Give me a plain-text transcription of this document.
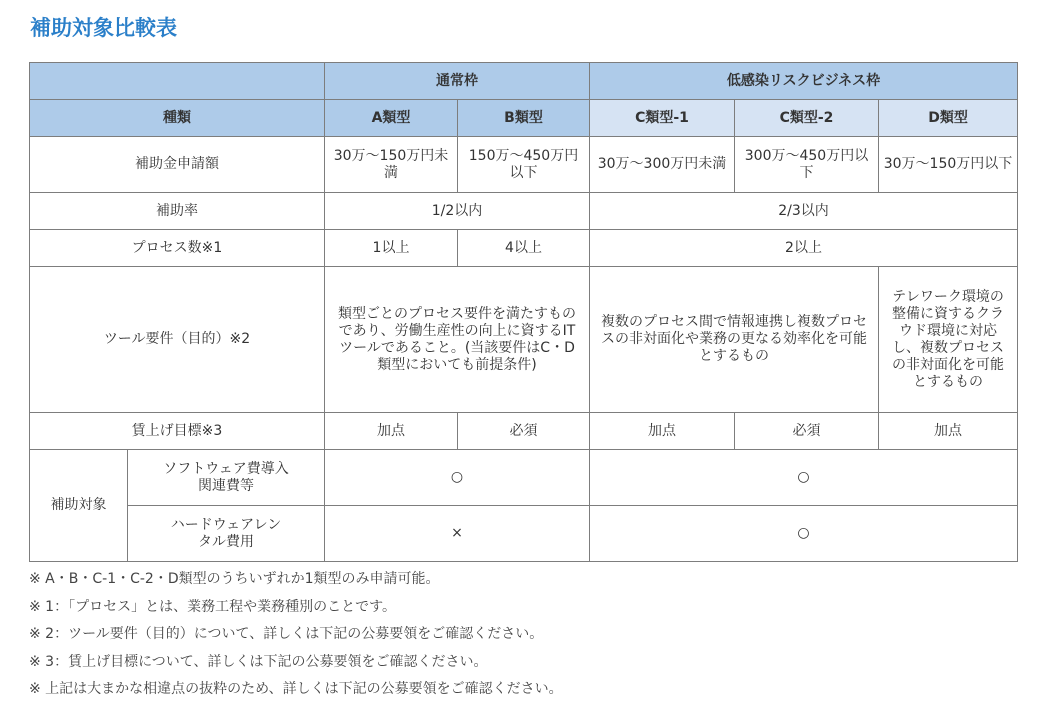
補助対象比較表
		通常枠		低感染リスクビジネス枠		
種類		A類型	B類型	C類型-1	C類型-2	D類型
補助金申請額		30万～150万円未満	150万～450万円以下	30万～300万円未満	300万～450万円以下	30万～150万円以下
補助率		1/2以内		2/3以内		
プロセス数※1		1以上	4以上	2以上		
ツール要件（目的）※2		類型ごとのプロセス要件を満たすものであり、労働生産性の向上に資するITツールであること。(当該要件はC・D類型においても前提条件)		複数のプロセス間で情報連携し複数プロセスの非対面化や業務の更なる効率化を可能とするもの		テレワーク環境の整備に資するクラウド環境に対応し、複数プロセスの非対面化を可能とするもの
賃上げ目標※3		加点	必須	加点	必須	加点
補助対象	ソフトウェア費導入関連費等	○		○		
	ハードウェアレンタル費用	×		○		
※ A・B・C-1・C-2・D類型のうちいずれか1類型のみ申請可能。
※ 1：「プロセス」とは、業務工程や業務種別のことです。
※ 2：ツール要件（目的）について、詳しくは下記の公募要領をご確認ください。
※ 3：賃上げ目標について、詳しくは下記の公募要領をご確認ください。
※ 上記は大まかな相違点の抜粋のため、詳しくは下記の公募要領をご確認ください。
